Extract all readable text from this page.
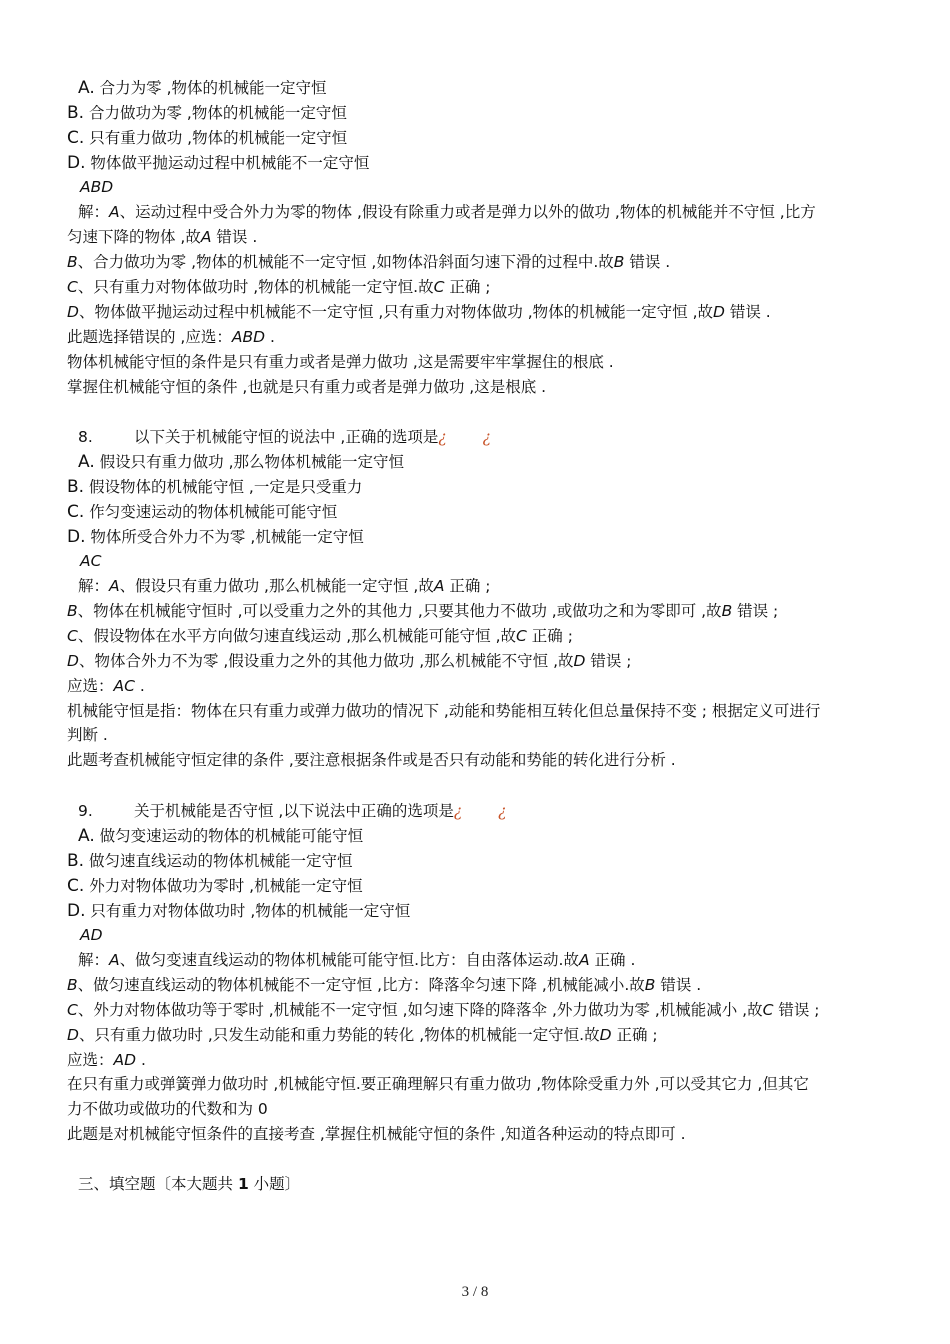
A. 合力为零 ,物体的机械能一定守恒
B. 合力做功为零 ,物体的机械能一定守恒
C. 只有重力做功 ,物体的机械能一定守恒
D. 物体做平抛运动过程中机械能不一定守恒
ABD
解：A、运动过程中受合外力为零的物体 ,假设有除重力或者是弹力以外的做功 ,物体的机械能并不守恒 ,比方
匀速下降的物体 ,故A 错误 .
B、合力做功为零 ,物体的机械能不一定守恒 ,如物体沿斜面匀速下滑的过程中.故B 错误 .
C、只有重力对物体做功时 ,物体的机械能一定守恒.故C 正确 ;
D、物体做平抛运动过程中机械能不一定守恒 ,只有重力对物体做功 ,物体的机械能一定守恒 ,故D 错误 .
此题选择错误的 ,应选：ABD .
物体机械能守恒的条件是只有重力或者是弹力做功 ,这是需要牢牢掌握住的根底 .
掌握住机械能守恒的条件 ,也就是只有重力或者是弹力做功 ,这是根底 .
8.	以下关于机械能守恒的说法中 ,正确的选项是¿ ¿
A. 假设只有重力做功 ,那么物体机械能一定守恒
B. 假设物体的机械能守恒 ,一定是只受重力
C. 作匀变速运动的物体机械能可能守恒
D. 物体所受合外力不为零 ,机械能一定守恒
AC
解：A、假设只有重力做功 ,那么机械能一定守恒 ,故A 正确 ;
B、物体在机械能守恒时 ,可以受重力之外的其他力 ,只要其他力不做功 ,或做功之和为零即可 ,故B 错误 ;
C、假设物体在水平方向做匀速直线运动 ,那么机械能可能守恒 ,故C 正确 ;
D、物体合外力不为零 ,假设重力之外的其他力做功 ,那么机械能不守恒 ,故D 错误 ;
应选：AC .
机械能守恒是指：物体在只有重力或弹力做功的情况下 ,动能和势能相互转化但总量保持不变 ; 根据定义可进行
判断 .
此题考查机械能守恒定律的条件 ,要注意根据条件或是否只有动能和势能的转化进行分析 .
9.	关于机械能是否守恒 ,以下说法中正确的选项是¿ ¿
A. 做匀变速运动的物体的机械能可能守恒
B. 做匀速直线运动的物体机械能一定守恒
C. 外力对物体做功为零时 ,机械能一定守恒
D. 只有重力对物体做功时 ,物体的机械能一定守恒
AD
解：A、做匀变速直线运动的物体机械能可能守恒.比方：自由落体运动.故A 正确 .
B、做匀速直线运动的物体机械能不一定守恒 ,比方：降落伞匀速下降 ,机械能减小.故B 错误 .
C、外力对物体做功等于零时 ,机械能不一定守恒 ,如匀速下降的降落伞 ,外力做功为零 ,机械能减小 ,故C 错误 ;
D、只有重力做功时 ,只发生动能和重力势能的转化 ,物体的机械能一定守恒.故D 正确 ;
应选：AD .
在只有重力或弹簧弹力做功时 ,机械能守恒.要正确理解只有重力做功 ,物体除受重力外 ,可以受其它力 ,但其它
力不做功或做功的代数和为 0
此题是对机械能守恒条件的直接考查 ,掌握住机械能守恒的条件 ,知道各种运动的特点即可 .
三、填空题〔本大题共 1 小题〕
3 / 8
